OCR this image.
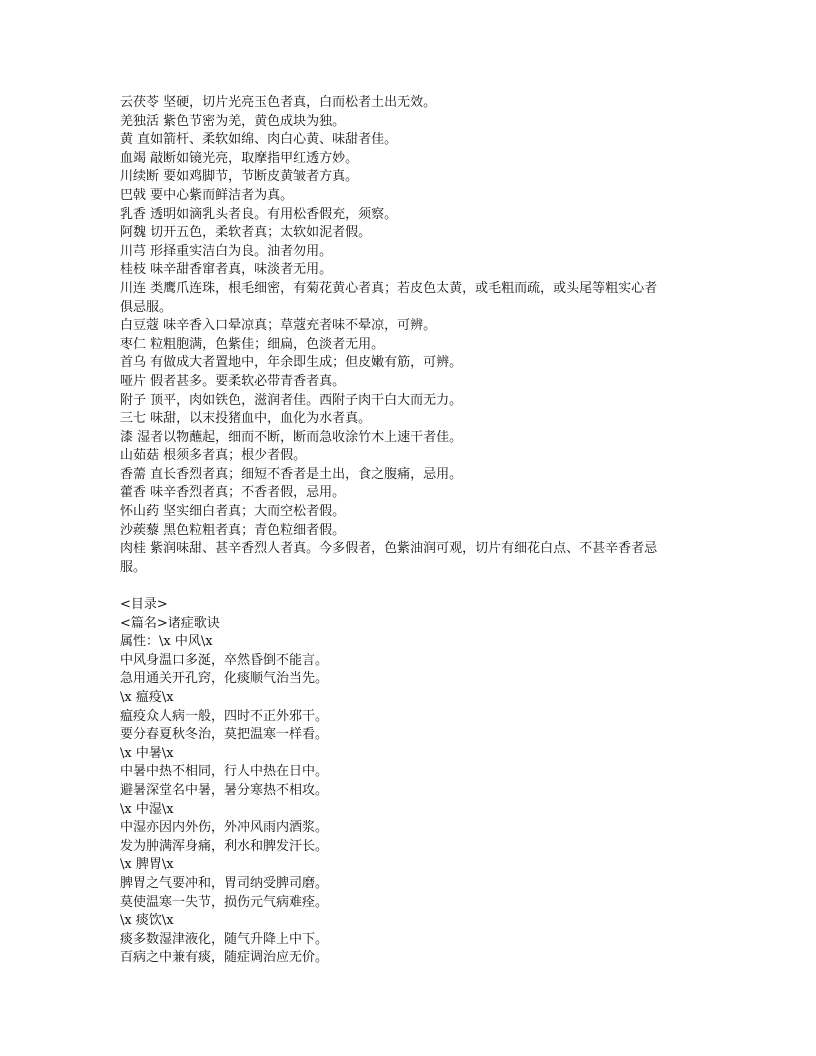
云茯苓 坚硬，切片光亮玉色者真，白而松者土出无效。

羌独活 紫色节密为羌，黄色成块为独。

黄 直如箭杆、柔软如绵、肉白心黄、味甜者佳。

血竭 敲断如镜光亮，取摩指甲红透方妙。

川续断 要如鸡脚节，节断皮黄皱者方真。

巴戟 要中心紫而鲜洁者为真。

乳香 透明如滴乳头者良。有用松香假充，须察。

阿魏 切开五色，柔软者真；太软如泥者假。

川芎 形择重实洁白为良。油者勿用。

桂枝 味辛甜香窜者真，味淡者无用。

川连 类鹰爪连珠，根毛细密，有菊花黄心者真；若皮色太黄，或毛粗而疏，或头尾等粗实心者俱忌服。

白豆蔻 味辛香入口晕凉真；草蔻充者味不晕凉，可辨。

枣仁 粒粗胞满，色紫佳；细扁，色淡者无用。

首乌 有做成大者置地中，年余即生成；但皮嫩有筋，可辨。

哑片 假者甚多。要柔软必带青香者真。

附子 顶平，肉如铁色，滋润者佳。西附子肉干白大而无力。

三七 味甜，以末投猪血中，血化为水者真。

漆 湿者以物蘸起，细而不断，断而急收涂竹木上速干者佳。

山茹菇 根须多者真；根少者假。

香薷 直长香烈者真；细短不香者是土出，食之腹痛，忌用。

藿香 味辛香烈者真；不香者假，忌用。

怀山药 坚实细白者真；大而空松者假。

沙蒺藜 黑色粒粗者真；青色粒细者假。

肉桂 紫润味甜、甚辛香烈人者真。今多假者，色紫油润可观，切片有细花白点、不甚辛香者忌服。

<目录>

<篇名>诸症歌诀

属性：\x 中风\x

中风身温口多涎，卒然昏倒不能言。

急用通关开孔窍，化痰顺气治当先。

\x 瘟疫\x

瘟疫众人病一般，四时不正外邪干。

要分春夏秋冬治，莫把温寒一样看。

\x 中暑\x

中暑中热不相同，行人中热在日中。

避暑深堂名中暑，暑分寒热不相攻。

\x 中湿\x

中湿亦因内外伤，外冲风雨内酒浆。

发为肿满浑身痛，利水和脾发汗长。

\x 脾胃\x

脾胃之气要冲和，胃司纳受脾司磨。

莫使温寒一失节，损伤元气病难痊。

\x 痰饮\x

痰多数湿津液化，随气升降上中下。

百病之中兼有痰，随症调治应无价。
